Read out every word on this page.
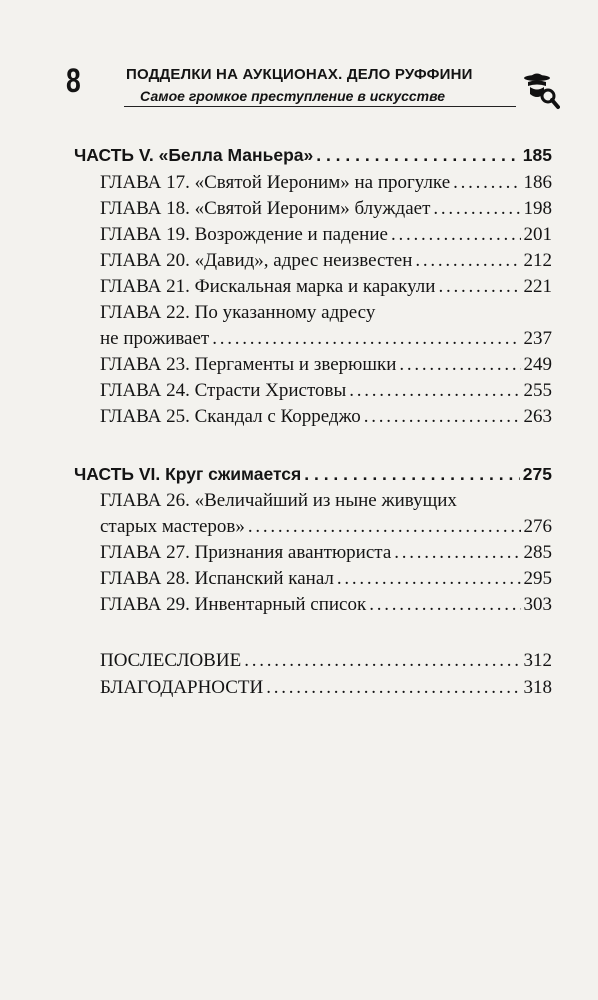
8	ПОДДЕЛКИ НА АУКЦИОНАХ. ДЕЛО РУФФИНИ
Самое громкое преступление в искусстве
ЧАСТЬ V. «Белла Маньера» . . .	185
ГЛАВА 17. «Святой Иероним» на прогулке . . .	186
ГЛАВА 18. «Святой Иероним» блуждает . . .	198
ГЛАВА 19. Возрождение и падение . . .	201
ГЛАВА 20. «Давид», адрес неизвестен . . .	212
ГЛАВА 21. Фискальная марка и каракули . . .	221
ГЛАВА 22. По указанному адресу
не проживает . . .	237
ГЛАВА 23. Пергаменты и зверюшки . . .	249
ГЛАВА 24. Страсти Христовы . . .	255
ГЛАВА 25. Скандал с Корреджо . . .	263
ЧАСТЬ VI. Круг сжимается . . .	275
ГЛАВА 26. «Величайший из ныне живущих
старых мастеров» . . .	276
ГЛАВА 27. Признания авантюриста . . .	285
ГЛАВА 28. Испанский канал . . .	295
ГЛАВА 29. Инвентарный список . . .	303
ПОСЛЕСЛОВИЕ . . .	312
БЛАГОДАРНОСТИ . . .	318
